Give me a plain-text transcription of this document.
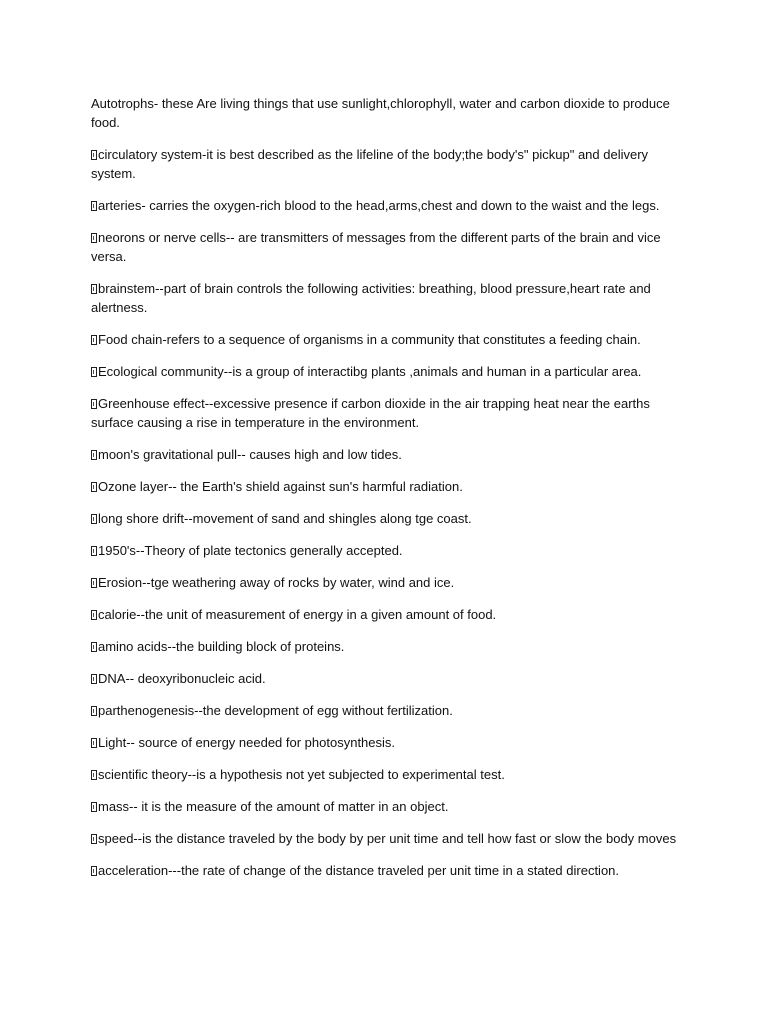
Autotrophs- these Are living things that use sunlight,chlorophyll, water and carbon dioxide to produce food.

circulatory system-it is best described as the lifeline of the body;the body's" pickup" and delivery system.

arteries- carries the oxygen-rich blood to the head,arms,chest and down to the waist and the legs.

neorons or nerve cells-- are transmitters of messages from the different parts of the brain and vice versa.

brainstem--part of brain controls the following activities: breathing, blood pressure,heart rate and alertness.

Food chain-refers to a sequence of organisms in a community that constitutes a feeding chain.

Ecological community--is a group of interactibg plants ,animals and human in a particular area.

Greenhouse effect--excessive presence if carbon dioxide in the air trapping heat near the earths surface causing a rise in temperature in the environment.

moon's gravitational pull-- causes high and low tides.

Ozone layer-- the Earth's shield against sun's harmful radiation.

long shore drift--movement of sand and shingles along tge coast.

1950's--Theory of plate tectonics generally accepted.

Erosion--tge weathering away of rocks by water, wind and ice.

calorie--the unit of measurement of energy in a given amount of food.

amino acids--the building block of proteins.

DNA-- deoxyribonucleic acid.

parthenogenesis--the development of egg without fertilization.

Light-- source of energy needed for photosynthesis.

scientific theory--is a hypothesis not yet subjected to experimental test.

mass-- it is the measure of the amount of matter in an object.

speed--is the distance traveled by the body by per unit time and tell how fast or slow the body moves

acceleration---the rate of change of the distance traveled per unit time in a stated direction.
